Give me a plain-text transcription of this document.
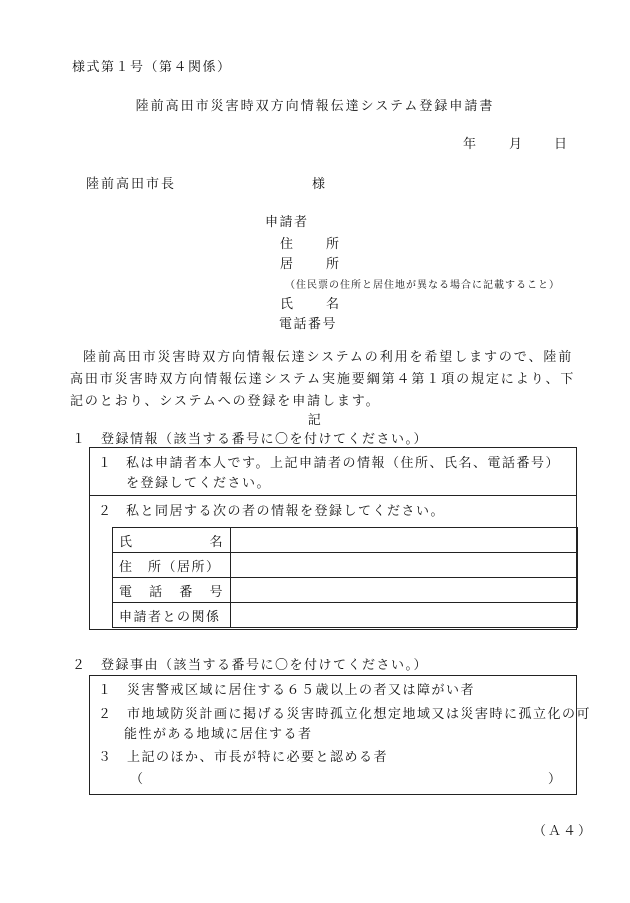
様式第１号（第４関係）
陸前高田市災害時双方向情報伝達システム登録申請書
年 月 日
陸前高田市長	様
申請者
住 所
居 所
（住民票の住所と居住地が異なる場合に記載すること）
氏 名
電話番号
陸前高田市災害時双方向情報伝達システムの利用を希望しますので、陸前高田市災害時双方向情報伝達システム実施要綱第４第１項の規定により、下記のとおり、システムへの登録を申請します。
記
１　登録情報（該当する番号に〇を付けてください。）
１ 私は申請者本人です。上記申請者の情報（住所、氏名、電話番号）を登録してください。
２ 私と同居する次の者の情報を登録してください。
氏 名	

住　所（居所）	

電 話 番 号	

申請者との関係	
２　登録事由（該当する番号に〇を付けてください。）
１　災害警戒区域に居住する６５歳以上の者又は障がい者
２　市地域防災計画に掲げる災害時孤立化想定地域又は災害時に孤立化の可能性がある地域に居住する者
３　上記のほか、市長が特に必要と認める者
（	）
（Ａ４）
